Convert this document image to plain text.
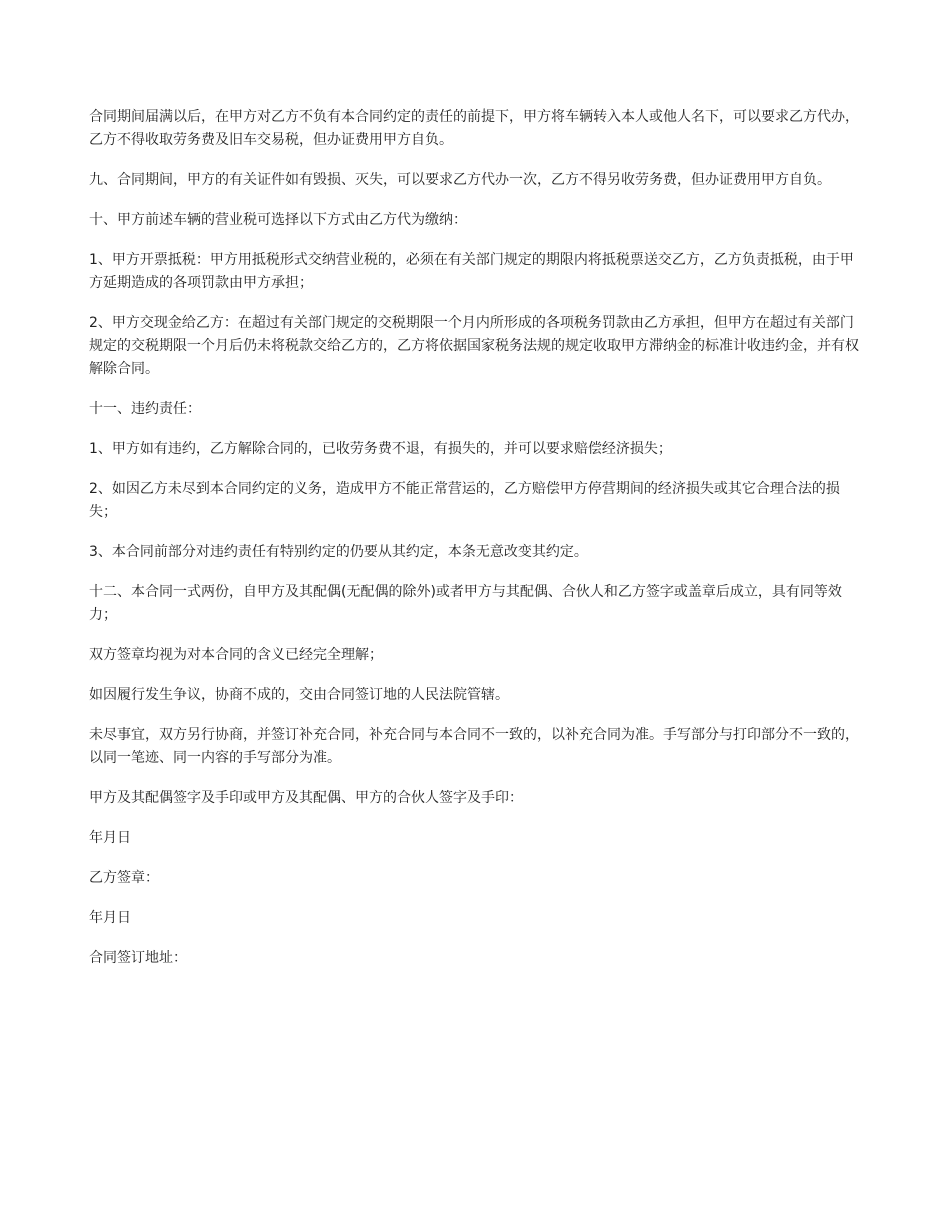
合同期间届满以后，在甲方对乙方不负有本合同约定的责任的前提下，甲方将车辆转入本人或他人名下，可以要求乙方代办，乙方不得收取劳务费及旧车交易税，但办证费用甲方自负。

九、合同期间，甲方的有关证件如有毁损、灭失，可以要求乙方代办一次，乙方不得另收劳务费，但办证费用甲方自负。

十、甲方前述车辆的营业税可选择以下方式由乙方代为缴纳：

1、甲方开票抵税：甲方用抵税形式交纳营业税的，必须在有关部门规定的期限内将抵税票送交乙方，乙方负责抵税，由于甲方延期造成的各项罚款由甲方承担；

2、甲方交现金给乙方：在超过有关部门规定的交税期限一个月内所形成的各项税务罚款由乙方承担，但甲方在超过有关部门规定的交税期限一个月后仍未将税款交给乙方的，乙方将依据国家税务法规的规定收取甲方滞纳金的标准计收违约金，并有权解除合同。

十一、违约责任：

1、甲方如有违约，乙方解除合同的，已收劳务费不退，有损失的，并可以要求赔偿经济损失；

2、如因乙方未尽到本合同约定的义务，造成甲方不能正常营运的，乙方赔偿甲方停营期间的经济损失或其它合理合法的损失；

3、本合同前部分对违约责任有特别约定的仍要从其约定，本条无意改变其约定。

十二、本合同一式两份，自甲方及其配偶(无配偶的除外)或者甲方与其配偶、合伙人和乙方签字或盖章后成立，具有同等效力；

双方签章均视为对本合同的含义已经完全理解；

如因履行发生争议，协商不成的，交由合同签订地的人民法院管辖。

未尽事宜，双方另行协商，并签订补充合同，补充合同与本合同不一致的，以补充合同为准。手写部分与打印部分不一致的，以同一笔迹、同一内容的手写部分为准。

甲方及其配偶签字及手印或甲方及其配偶、甲方的合伙人签字及手印：

年月日

乙方签章：

年月日

合同签订地址：
